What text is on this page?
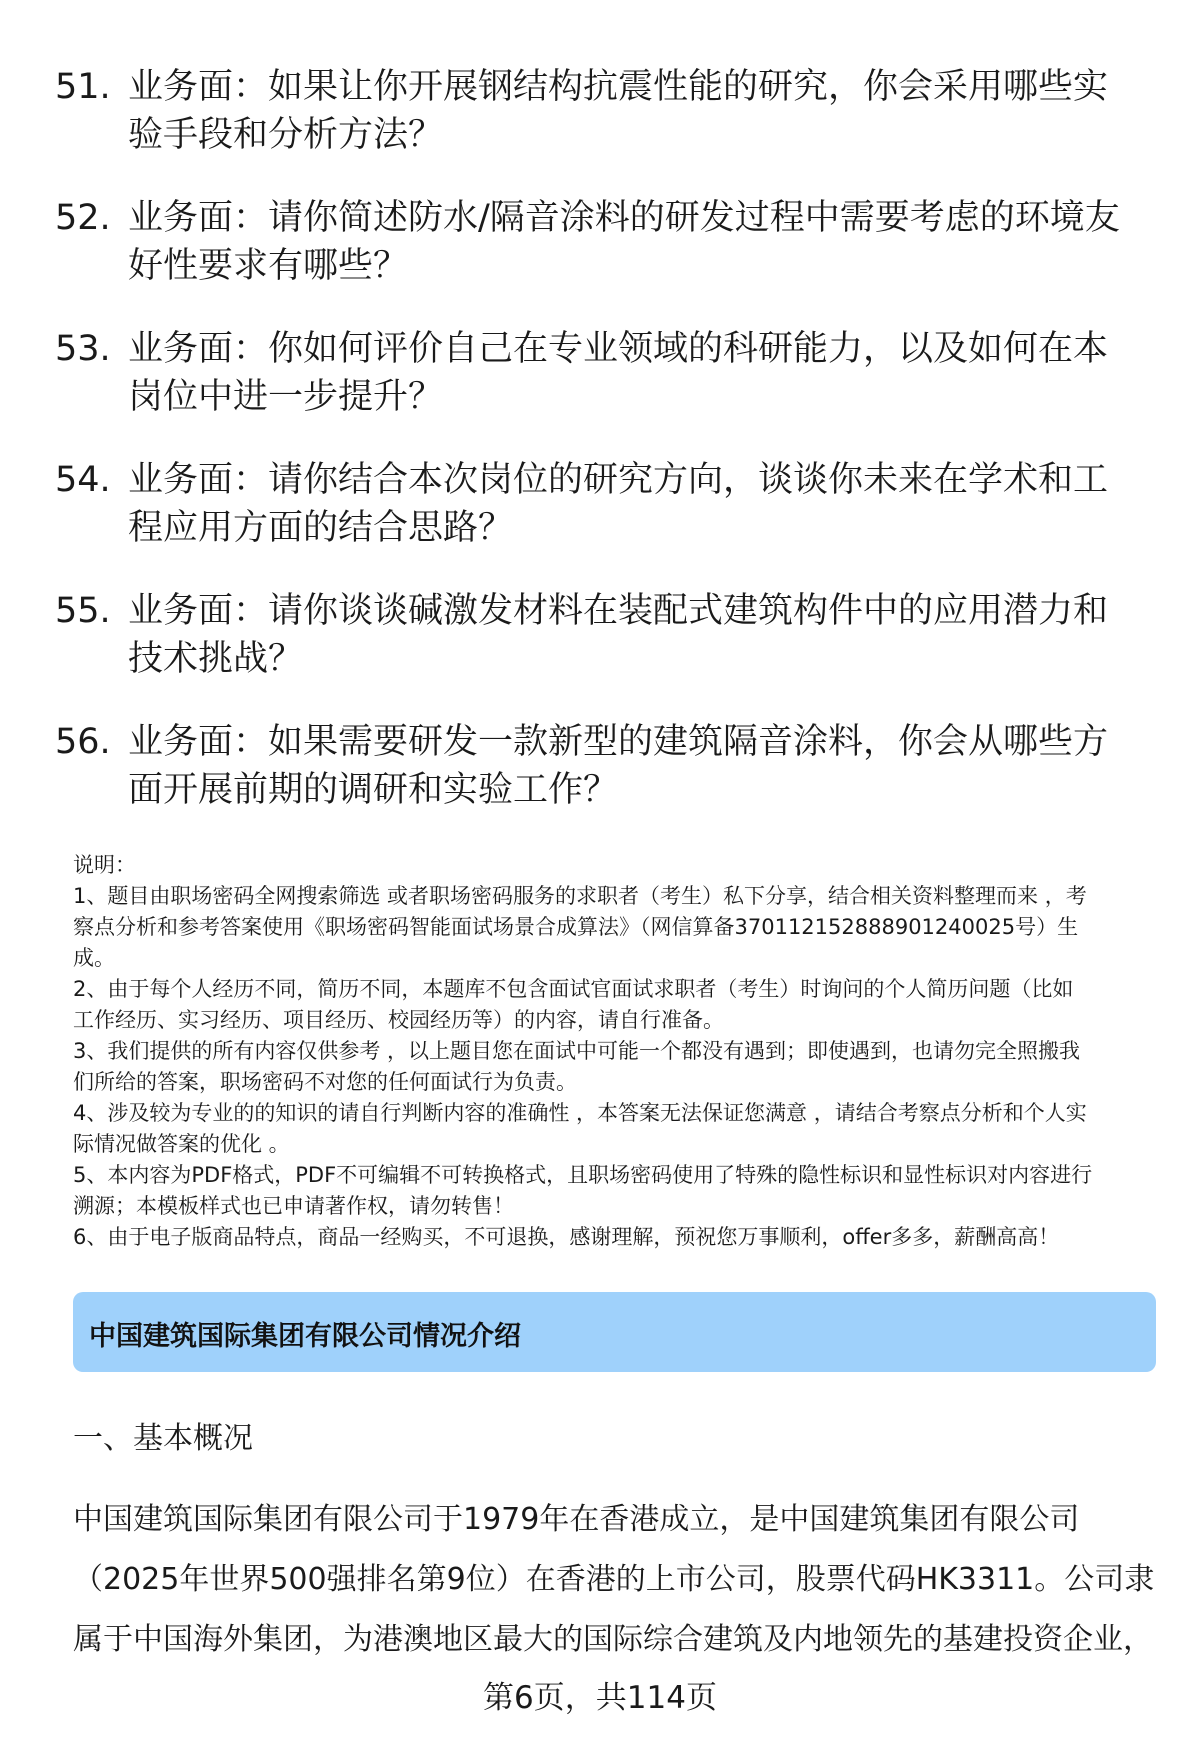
51. 业务面：如果让你开展钢结构抗震性能的研究，你会采用哪些实
验手段和分析方法？
52. 业务面：请你简述防水/隔音涂料的研发过程中需要考虑的环境友
好性要求有哪些？
53. 业务面：你如何评价自己在专业领域的科研能力，以及如何在本
岗位中进一步提升？
54. 业务面：请你结合本次岗位的研究方向，谈谈你未来在学术和工
程应用方面的结合思路？
55. 业务面：请你谈谈碱激发材料在装配式建筑构件中的应用潜力和
技术挑战？
56. 业务面：如果需要研发一款新型的建筑隔音涂料，你会从哪些方
面开展前期的调研和实验工作？
说明：
1、题目由职场密码全网搜索筛选 或者职场密码服务的求职者（考生）私下分享，结合相关资料整理而来 ，考
察点分析和参考答案使用《职场密码智能面试场景合成算法》（网信算备370112152888901240025号）生
成。
2、由于每个人经历不同，简历不同，本题库不包含面试官面试求职者（考生）时询问的个人简历问题（比如
工作经历、实习经历、项目经历、校园经历等）的内容，请自行准备。
3、我们提供的所有内容仅供参考 ，以上题目您在面试中可能一个都没有遇到；即使遇到，也请勿完全照搬我
们所给的答案，职场密码不对您的任何面试行为负责。
4、涉及较为专业的的知识的请自行判断内容的准确性 ，本答案无法保证您满意 ，请结合考察点分析和个人实
际情况做答案的优化 。
5、本内容为PDF格式，PDF不可编辑不可转换格式，且职场密码使用了特殊的隐性标识和显性标识对内容进行
溯源；本模板样式也已申请著作权，请勿转售！
6、由于电子版商品特点，商品一经购买，不可退换，感谢理解，预祝您万事顺利，offer多多，薪酬高高！
中国建筑国际集团有限公司情况介绍
一、基本概况
中国建筑国际集团有限公司于1979年在香港成立，是中国建筑集团有限公司
（2025年世界500强排名第9位）在香港的上市公司，股票代码HK3311。公司隶
属于中国海外集团，为港澳地区最大的国际综合建筑及内地领先的基建投资企业，
第6页，共114页
